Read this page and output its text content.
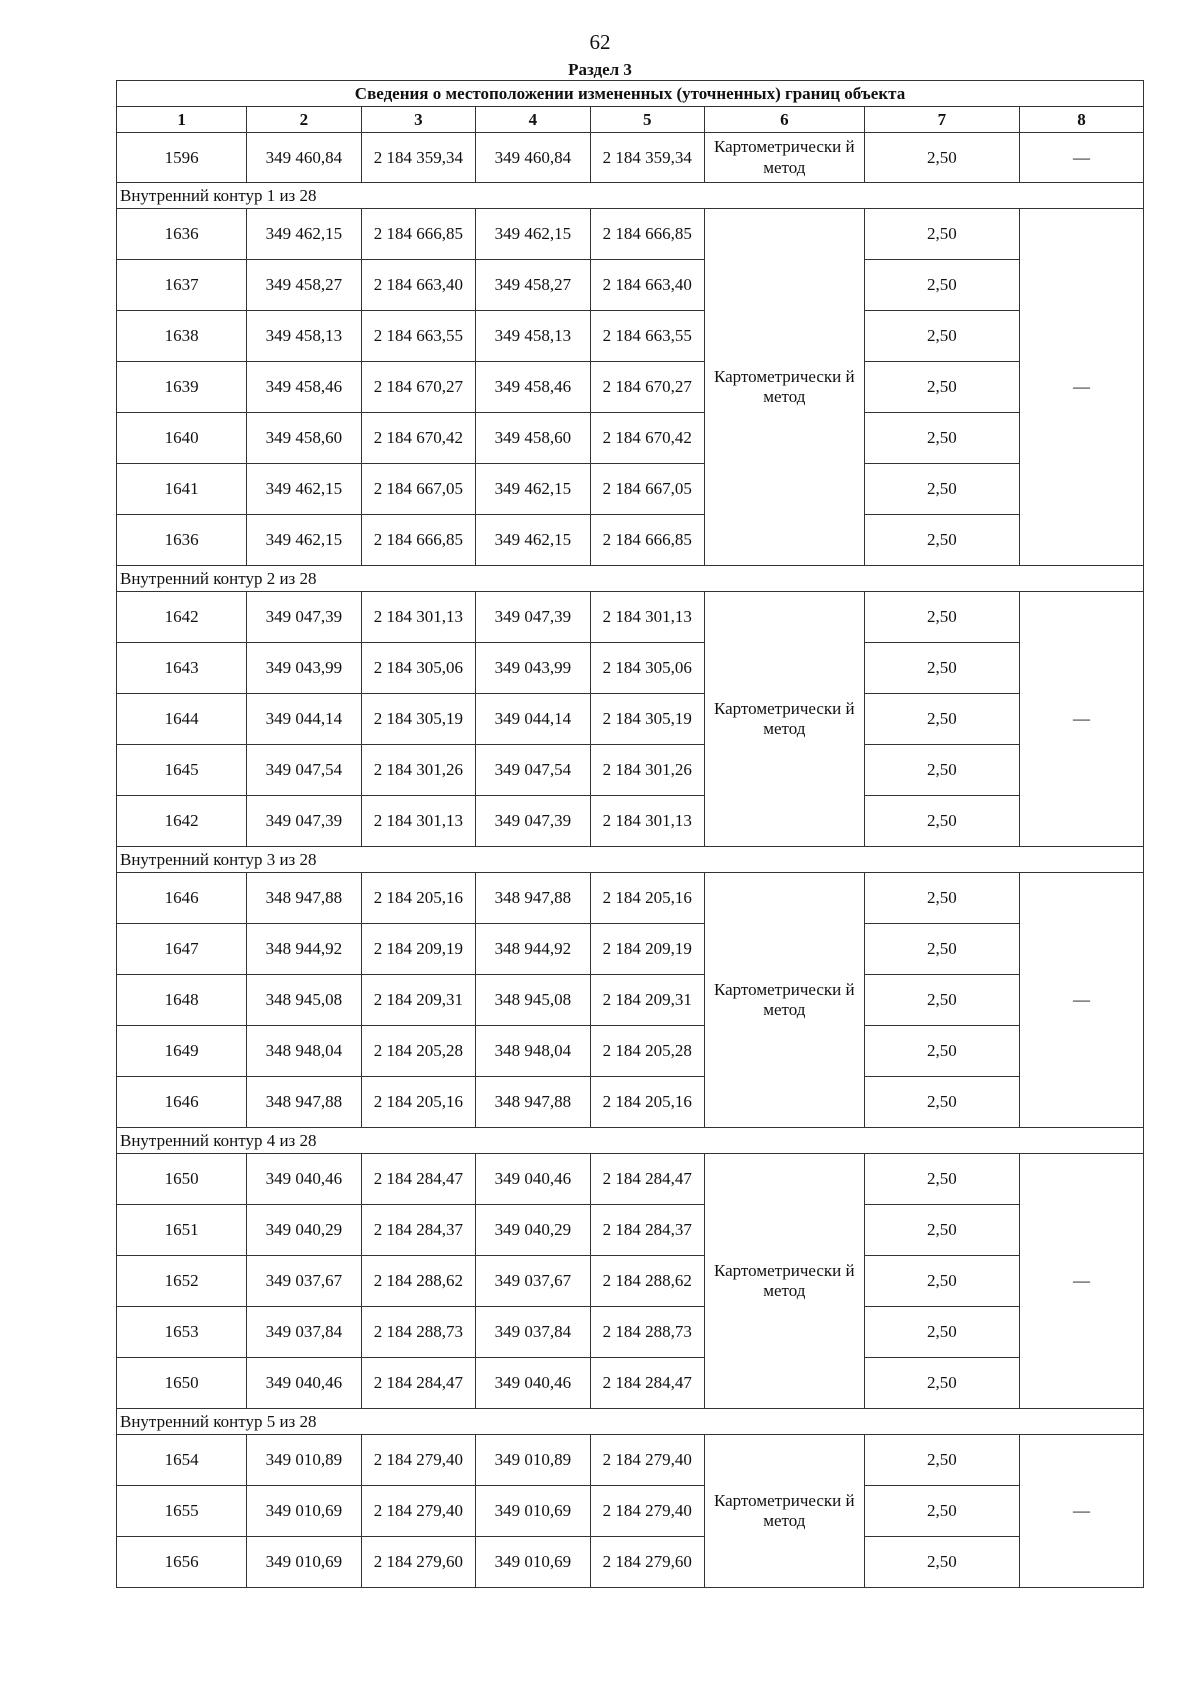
62
Раздел 3
Сведения о местоположении измененных (уточненных) границ объекта							
1	2	3	4	5	6	7	8
1596	349 460,84	2 184 359,34	349 460,84	2 184 359,34	Картометрически й метод	2,50	—
Внутренний контур 1 из 28							
1636	349 462,15	2 184 666,85	349 462,15	2 184 666,85	Картометрически й метод	2,50	—
1637	349 458,27	2 184 663,40	349 458,27	2 184 663,40		2,50	
1638	349 458,13	2 184 663,55	349 458,13	2 184 663,55		2,50	
1639	349 458,46	2 184 670,27	349 458,46	2 184 670,27		2,50	
1640	349 458,60	2 184 670,42	349 458,60	2 184 670,42		2,50	
1641	349 462,15	2 184 667,05	349 462,15	2 184 667,05		2,50	
1636	349 462,15	2 184 666,85	349 462,15	2 184 666,85		2,50	
Внутренний контур 2 из 28							
1642	349 047,39	2 184 301,13	349 047,39	2 184 301,13	Картометрически й метод	2,50	—
1643	349 043,99	2 184 305,06	349 043,99	2 184 305,06		2,50	
1644	349 044,14	2 184 305,19	349 044,14	2 184 305,19		2,50	
1645	349 047,54	2 184 301,26	349 047,54	2 184 301,26		2,50	
1642	349 047,39	2 184 301,13	349 047,39	2 184 301,13		2,50	
Внутренний контур 3 из 28							
1646	348 947,88	2 184 205,16	348 947,88	2 184 205,16	Картометрически й метод	2,50	—
1647	348 944,92	2 184 209,19	348 944,92	2 184 209,19		2,50	
1648	348 945,08	2 184 209,31	348 945,08	2 184 209,31		2,50	
1649	348 948,04	2 184 205,28	348 948,04	2 184 205,28		2,50	
1646	348 947,88	2 184 205,16	348 947,88	2 184 205,16		2,50	
Внутренний контур 4 из 28							
1650	349 040,46	2 184 284,47	349 040,46	2 184 284,47	Картометрически й метод	2,50	—
1651	349 040,29	2 184 284,37	349 040,29	2 184 284,37		2,50	
1652	349 037,67	2 184 288,62	349 037,67	2 184 288,62		2,50	
1653	349 037,84	2 184 288,73	349 037,84	2 184 288,73		2,50	
1650	349 040,46	2 184 284,47	349 040,46	2 184 284,47		2,50	
Внутренний контур 5 из 28							
1654	349 010,89	2 184 279,40	349 010,89	2 184 279,40	Картометрически й метод	2,50	—
1655	349 010,69	2 184 279,40	349 010,69	2 184 279,40		2,50	
1656	349 010,69	2 184 279,60	349 010,69	2 184 279,60		2,50	
